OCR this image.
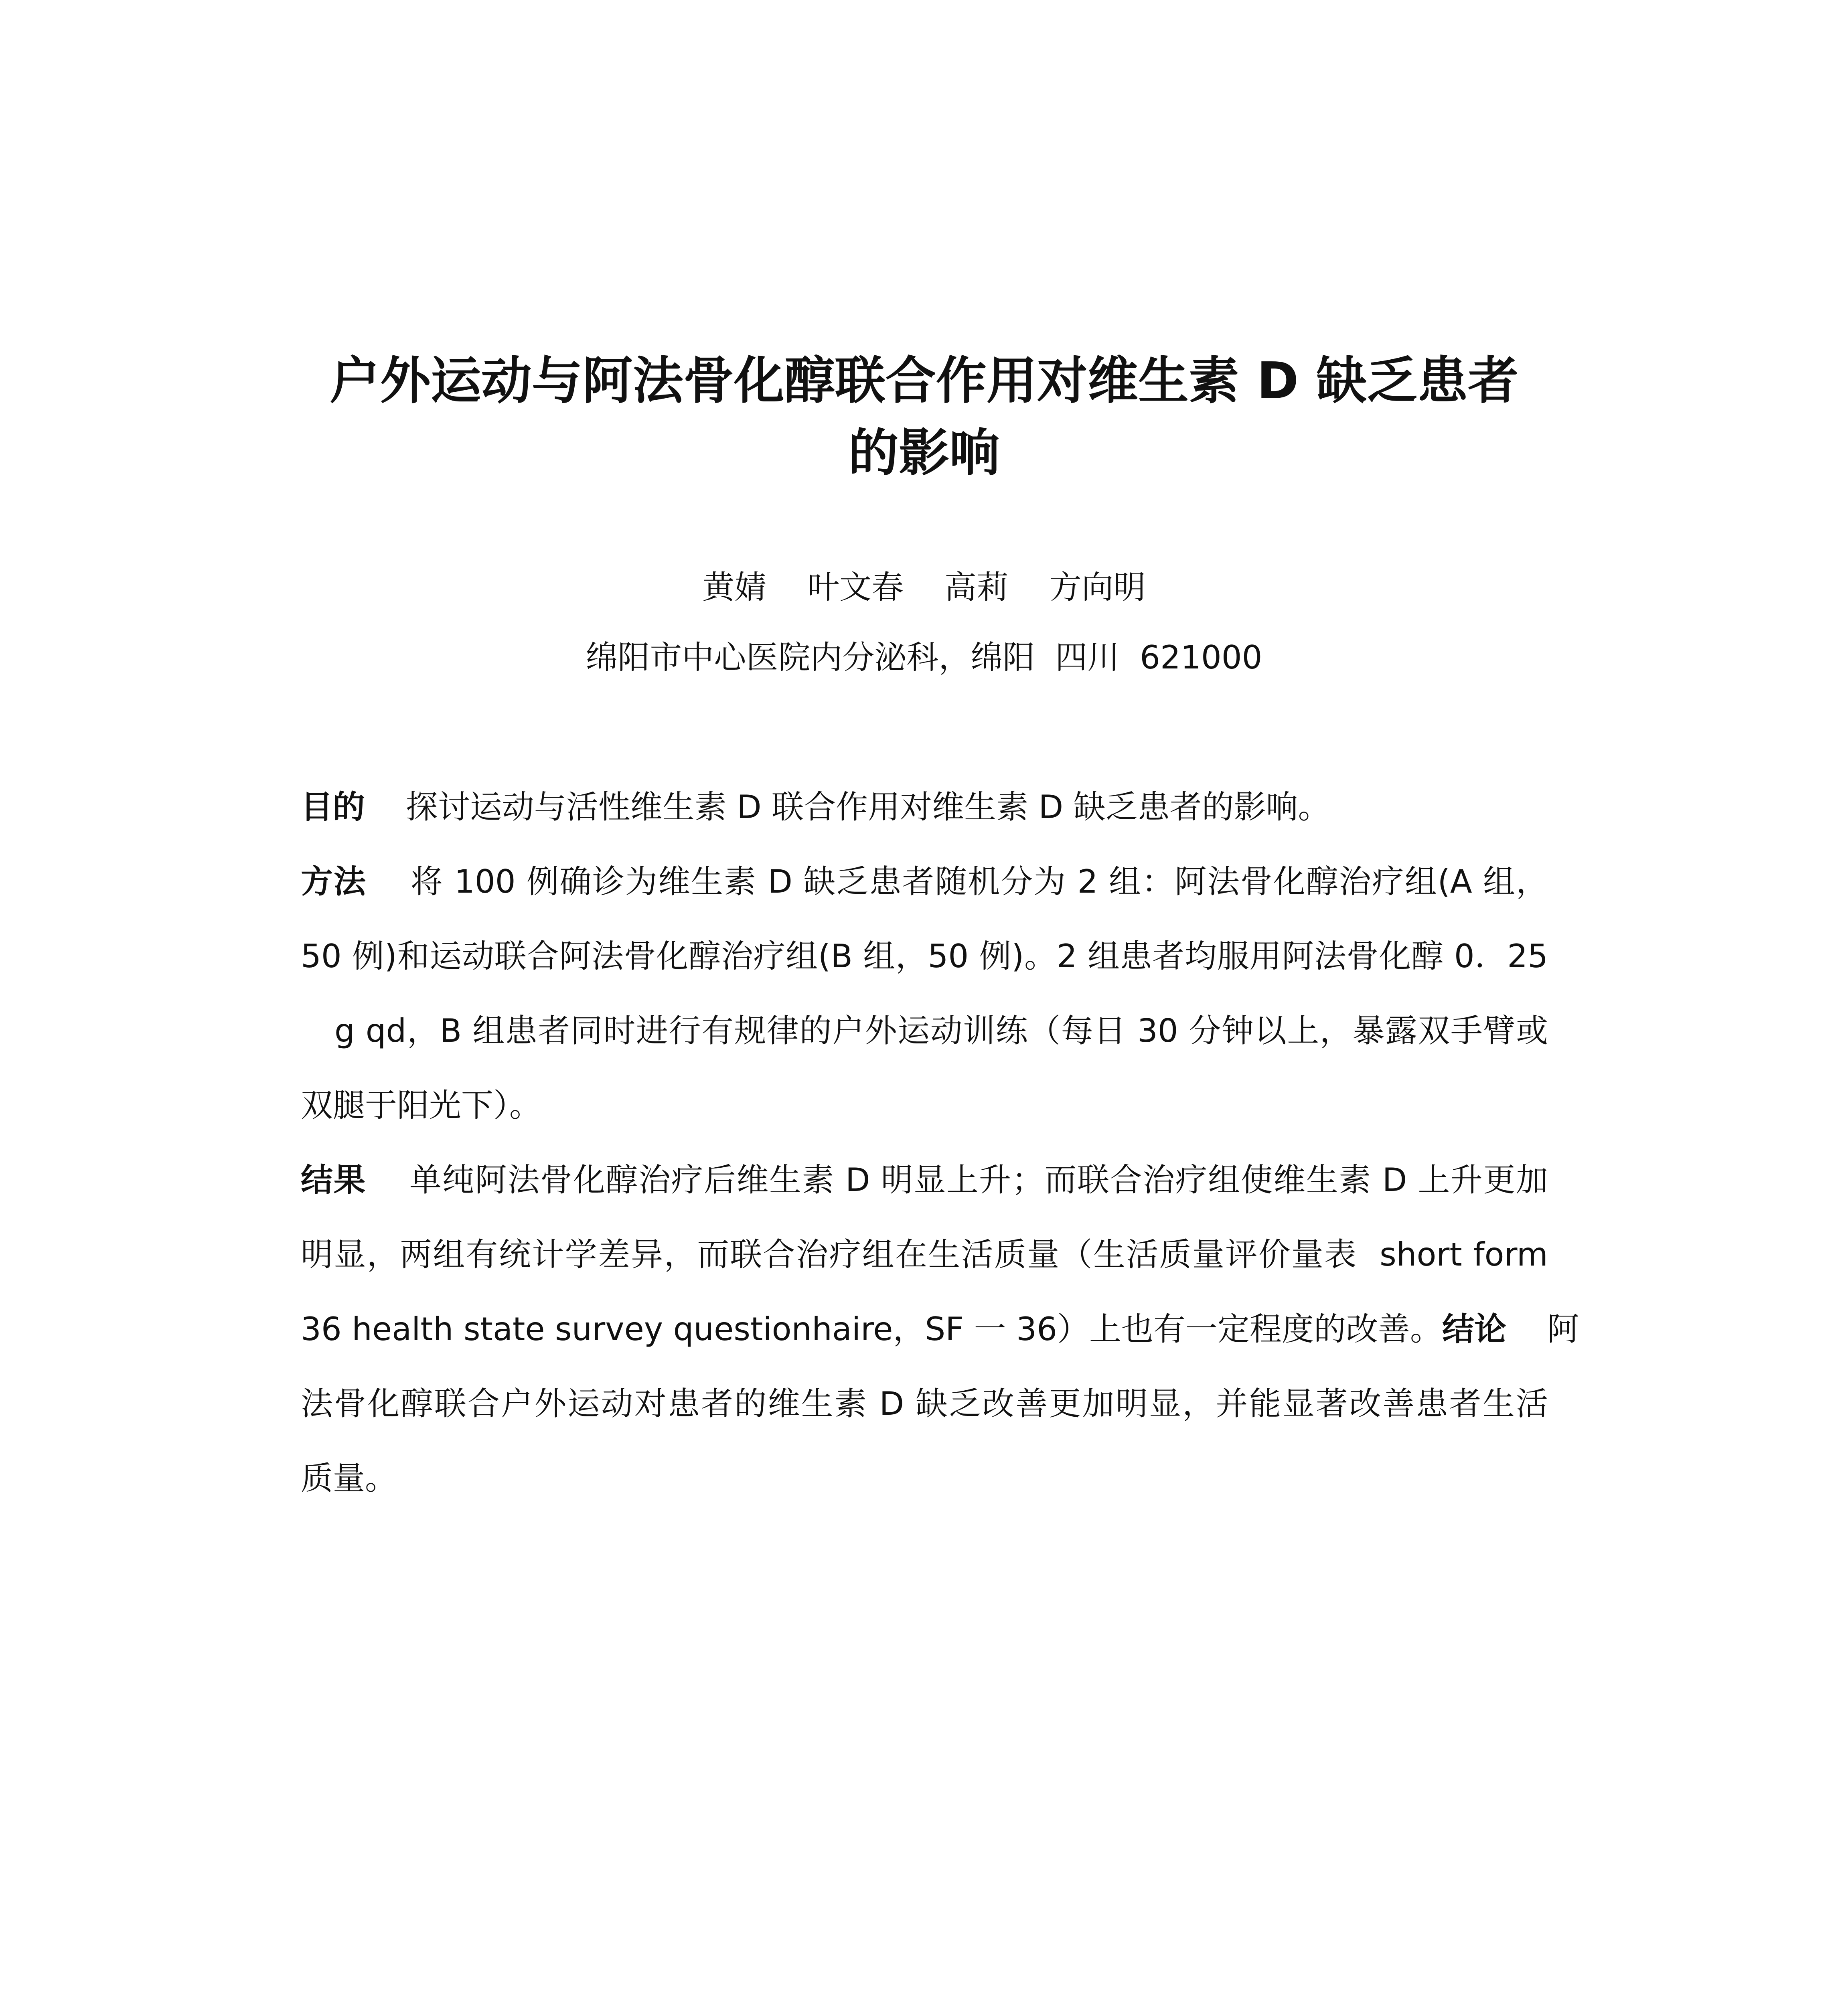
户外运动与阿法骨化醇联合作用对维生素 D 缺乏患者
的影响
黄婧    叶文春    高莉    方向明
绵阳市中心医院内分泌科，绵阳  四川  621000
目的    探讨运动与活性维生素 D 联合作用对维生素 D 缺乏患者的影响。
方法    将 100 例确诊为维生素 D 缺乏患者随机分为 2 组：阿法骨化醇治疗组(A 组，
50 例)和运动联合阿法骨化醇治疗组(B 组，50 例)。2 组患者均服用阿法骨化醇 0．25
g qd，B 组患者同时进行有规律的户外运动训练（每日 30 分钟以上，暴露双手臂或
双腿于阳光下）。
结果    单纯阿法骨化醇治疗后维生素 D 明显上升；而联合治疗组使维生素 D 上升更加
明显，两组有统计学差异，而联合治疗组在生活质量（生活质量评价量表  short form
36 health state survey questionhaire，SF 一 36）上也有一定程度的改善。结论    阿
法骨化醇联合户外运动对患者的维生素 D 缺乏改善更加明显，并能显著改善患者生活
质量。
